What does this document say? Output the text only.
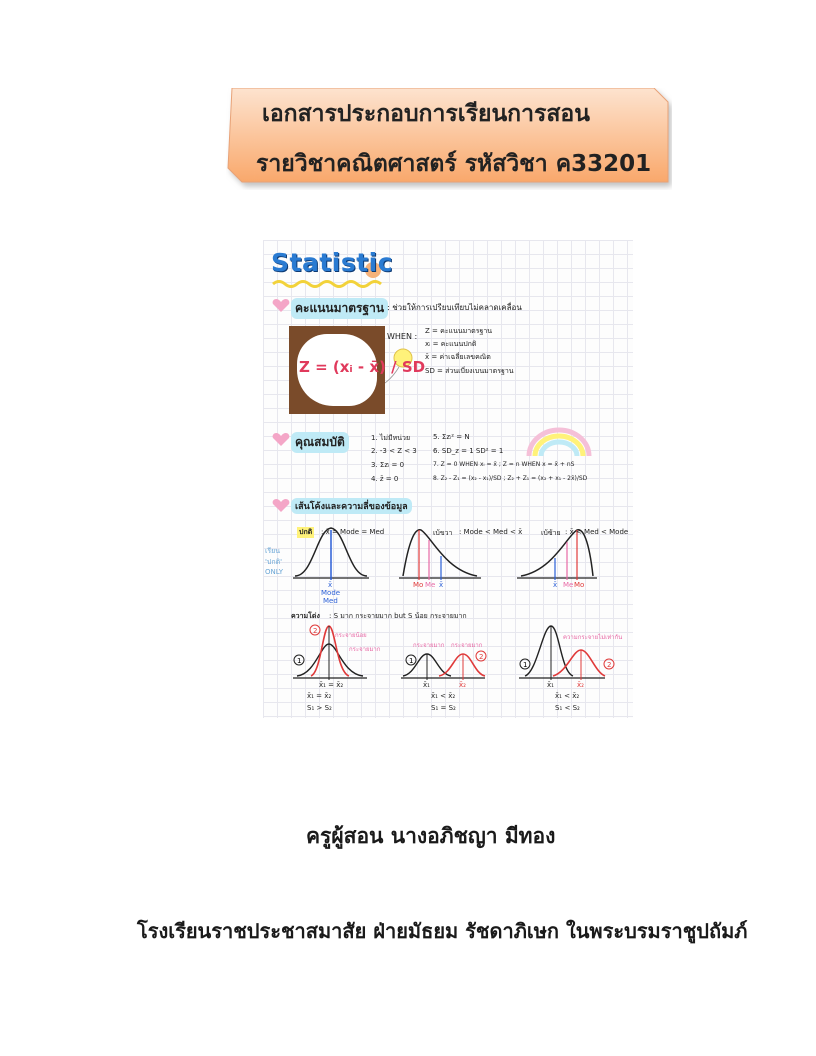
เอกสารประกอบการเรียนการสอน
รายวิชาคณิตศาสตร์ รหัสวิชา ค33201
1
2
1	2
1	2
Statistic
คะแนนมาตรฐาน : ช่วยให้การเปรียบเทียบไม่คลาดเคลื่อน
Z = (xᵢ - x̄) / SD
WHEN :
Z = คะแนนมาตรฐาน
xᵢ = คะแนนปกติ
x̄ = ค่าเฉลี่ยเลขคณิต
SD = ส่วนเบี่ยงเบนมาตรฐาน
คุณสมบัติ	1. ไม่มีหน่วย
2. -3 < Z < 3
3. Σzᵢ = 0
4. z̄ = 0
5. Σzᵢ² = N
6. SD_z = 1 SD² = 1
7. Z = 0 WHEN xᵢ = x̄ ; Z = n WHEN x = x̄ + nS
8. Z₂ - Z₁ = (x₂ - x₁)/SD ; Z₂ + Z₁ = (x₂ + x₁ - 2x̄)/SD
เส้นโค้งและความลี่ของข้อมูล
ปกติ : x̄ = Mode = Med
เรียน 'ปกติ' ONLY
x̄
Mode
Med
เบ้ขวา : Mode < Med < x̄
Mo Me x̄
เบ้ซ้าย : x̄ < Med < Mode
x̄ Me Mo
ความโด่ง : S มาก กระจายมาก but S น้อย กระจายมาก
กระจายน้อย
กระจายมาก
x̄₁ = x̄₂
x̄₁ = x̄₂
S₁ > S₂
กระจายมาก กระจายมาก
x̄₁	x̄₂
x̄₁ < x̄₂
S₁ = S₂
ความกระจายไม่เท่ากัน
x̄₁	x̄₂
x̄₁ < x̄₂
S₁ < S₂
ครูผู้สอน นางอภิชญา มีทอง
โรงเรียนราชประชาสมาสัย ฝ่ายมัธยม รัชดาภิเษก ในพระบรมราชูปถัมภ์
